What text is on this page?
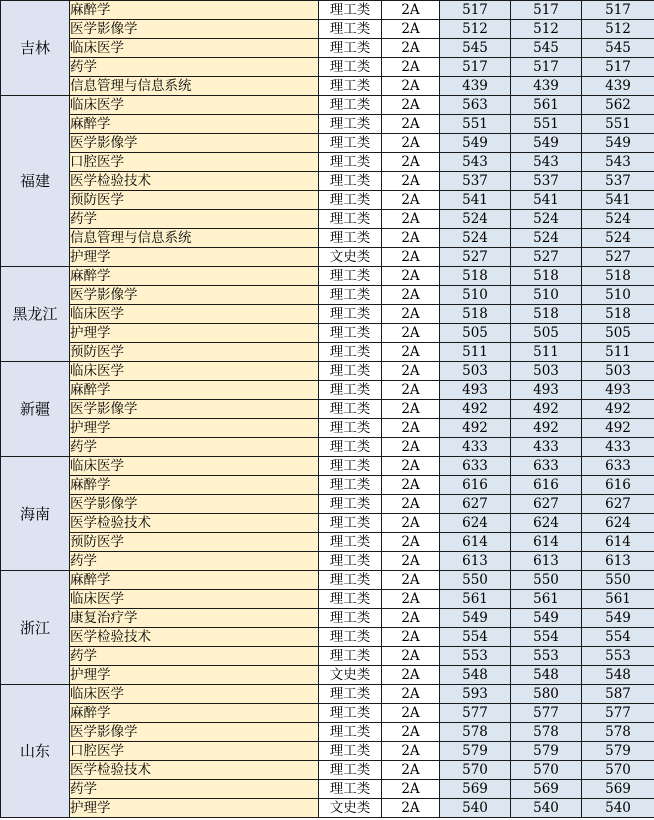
吉林	麻醉学	理工类	2A	517	517	517
	医学影像学	理工类	2A	512	512	512
	临床医学	理工类	2A	545	545	545
	药学	理工类	2A	517	517	517
	信息管理与信息系统	理工类	2A	439	439	439
福建	临床医学	理工类	2A	563	561	562
	麻醉学	理工类	2A	551	551	551
	医学影像学	理工类	2A	549	549	549
	口腔医学	理工类	2A	543	543	543
	医学检验技术	理工类	2A	537	537	537
	预防医学	理工类	2A	541	541	541
	药学	理工类	2A	524	524	524
	信息管理与信息系统	理工类	2A	524	524	524
	护理学	文史类	2A	527	527	527
黑龙江	麻醉学	理工类	2A	518	518	518
	医学影像学	理工类	2A	510	510	510
	临床医学	理工类	2A	518	518	518
	护理学	理工类	2A	505	505	505
	预防医学	理工类	2A	511	511	511
新疆	临床医学	理工类	2A	503	503	503
	麻醉学	理工类	2A	493	493	493
	医学影像学	理工类	2A	492	492	492
	护理学	理工类	2A	492	492	492
	药学	理工类	2A	433	433	433
海南	临床医学	理工类	2A	633	633	633
	麻醉学	理工类	2A	616	616	616
	医学影像学	理工类	2A	627	627	627
	医学检验技术	理工类	2A	624	624	624
	预防医学	理工类	2A	614	614	614
	药学	理工类	2A	613	613	613
浙江	麻醉学	理工类	2A	550	550	550
	临床医学	理工类	2A	561	561	561
	康复治疗学	理工类	2A	549	549	549
	医学检验技术	理工类	2A	554	554	554
	药学	理工类	2A	553	553	553
	护理学	文史类	2A	548	548	548
山东	临床医学	理工类	2A	593	580	587
	麻醉学	理工类	2A	577	577	577
	医学影像学	理工类	2A	578	578	578
	口腔医学	理工类	2A	579	579	579
	医学检验技术	理工类	2A	570	570	570
	药学	理工类	2A	569	569	569
	护理学	文史类	2A	540	540	540
